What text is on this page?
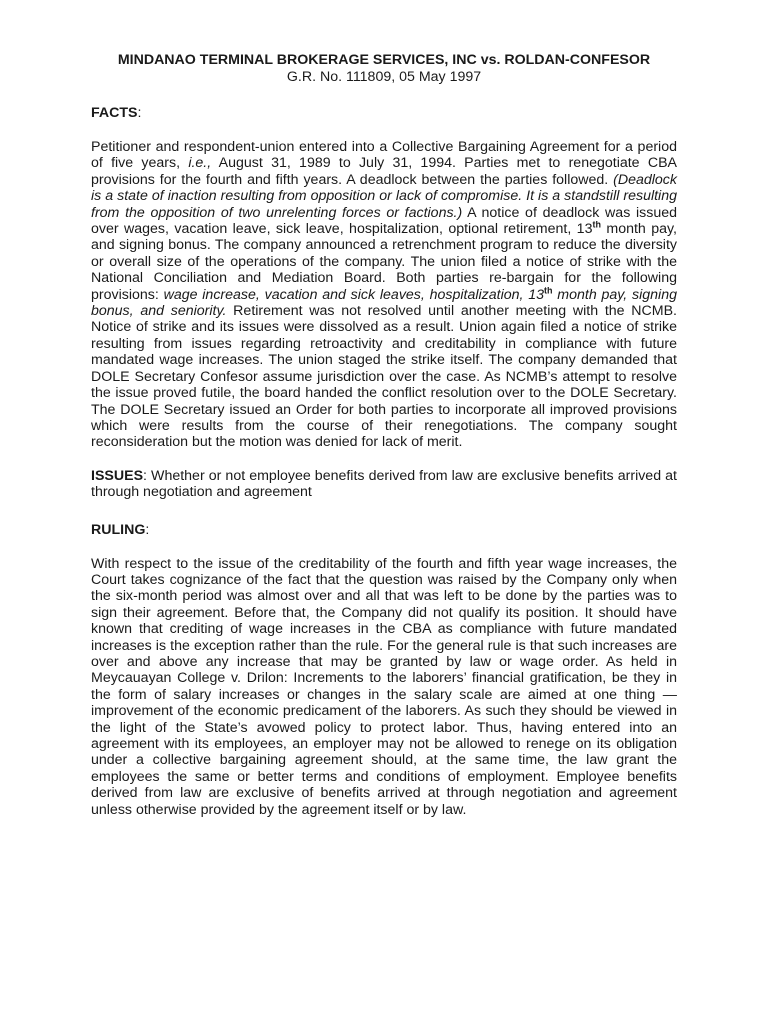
MINDANAO TERMINAL BROKERAGE SERVICES, INC vs. ROLDAN-CONFESOR
G.R. No. 111809, 05 May 1997
FACTS:

Petitioner and respondent-union entered into a Collective Bargaining Agreement for a period of five years, i.e., August 31, 1989 to July 31, 1994. Parties met to renegotiate CBA provisions for the fourth and fifth years. A deadlock between the parties followed. (Deadlock is a state of inaction resulting from opposition or lack of compromise. It is a standstill resulting from the opposition of two unrelenting forces or factions.) A notice of deadlock was issued over wages, vacation leave, sick leave, hospitalization, optional retirement, 13th month pay, and signing bonus. The company announced a retrenchment program to reduce the diversity or overall size of the operations of the company. The union filed a notice of strike with the National Conciliation and Mediation Board. Both parties re-bargain for the following provisions: wage increase, vacation and sick leaves, hospitalization, 13th month pay, signing bonus, and seniority. Retirement was not resolved until another meeting with the NCMB. Notice of strike and its issues were dissolved as a result. Union again filed a notice of strike resulting from issues regarding retroactivity and creditability in compliance with future mandated wage increases. The union staged the strike itself. The company demanded that DOLE Secretary Confesor assume jurisdiction over the case. As NCMB’s attempt to resolve the issue proved futile, the board handed the conflict resolution over to the DOLE Secretary. The DOLE Secretary issued an Order for both parties to incorporate all improved provisions which were results from the course of their renegotiations. The company sought reconsideration but the motion was denied for lack of merit.

ISSUES: Whether or not employee benefits derived from law are exclusive benefits arrived at through negotiation and agreement

RULING:

With respect to the issue of the creditability of the fourth and fifth year wage increases, the Court takes cognizance of the fact that the question was raised by the Company only when the six-month period was almost over and all that was left to be done by the parties was to sign their agreement. Before that, the Company did not qualify its position. It should have known that crediting of wage increases in the CBA as compliance with future mandated increases is the exception rather than the rule. For the general rule is that such increases are over and above any increase that may be granted by law or wage order. As held in Meycauayan College v. Drilon: Increments to the laborers’ financial gratification, be they in the form of salary increases or changes in the salary scale are aimed at one thing — improvement of the economic predicament of the laborers. As such they should be viewed in the light of the State’s avowed policy to protect labor. Thus, having entered into an agreement with its employees, an employer may not be allowed to renege on its obligation under a collective bargaining agreement should, at the same time, the law grant the employees the same or better terms and conditions of employment. Employee benefits derived from law are exclusive of benefits arrived at through negotiation and agreement unless otherwise provided by the agreement itself or by law.
